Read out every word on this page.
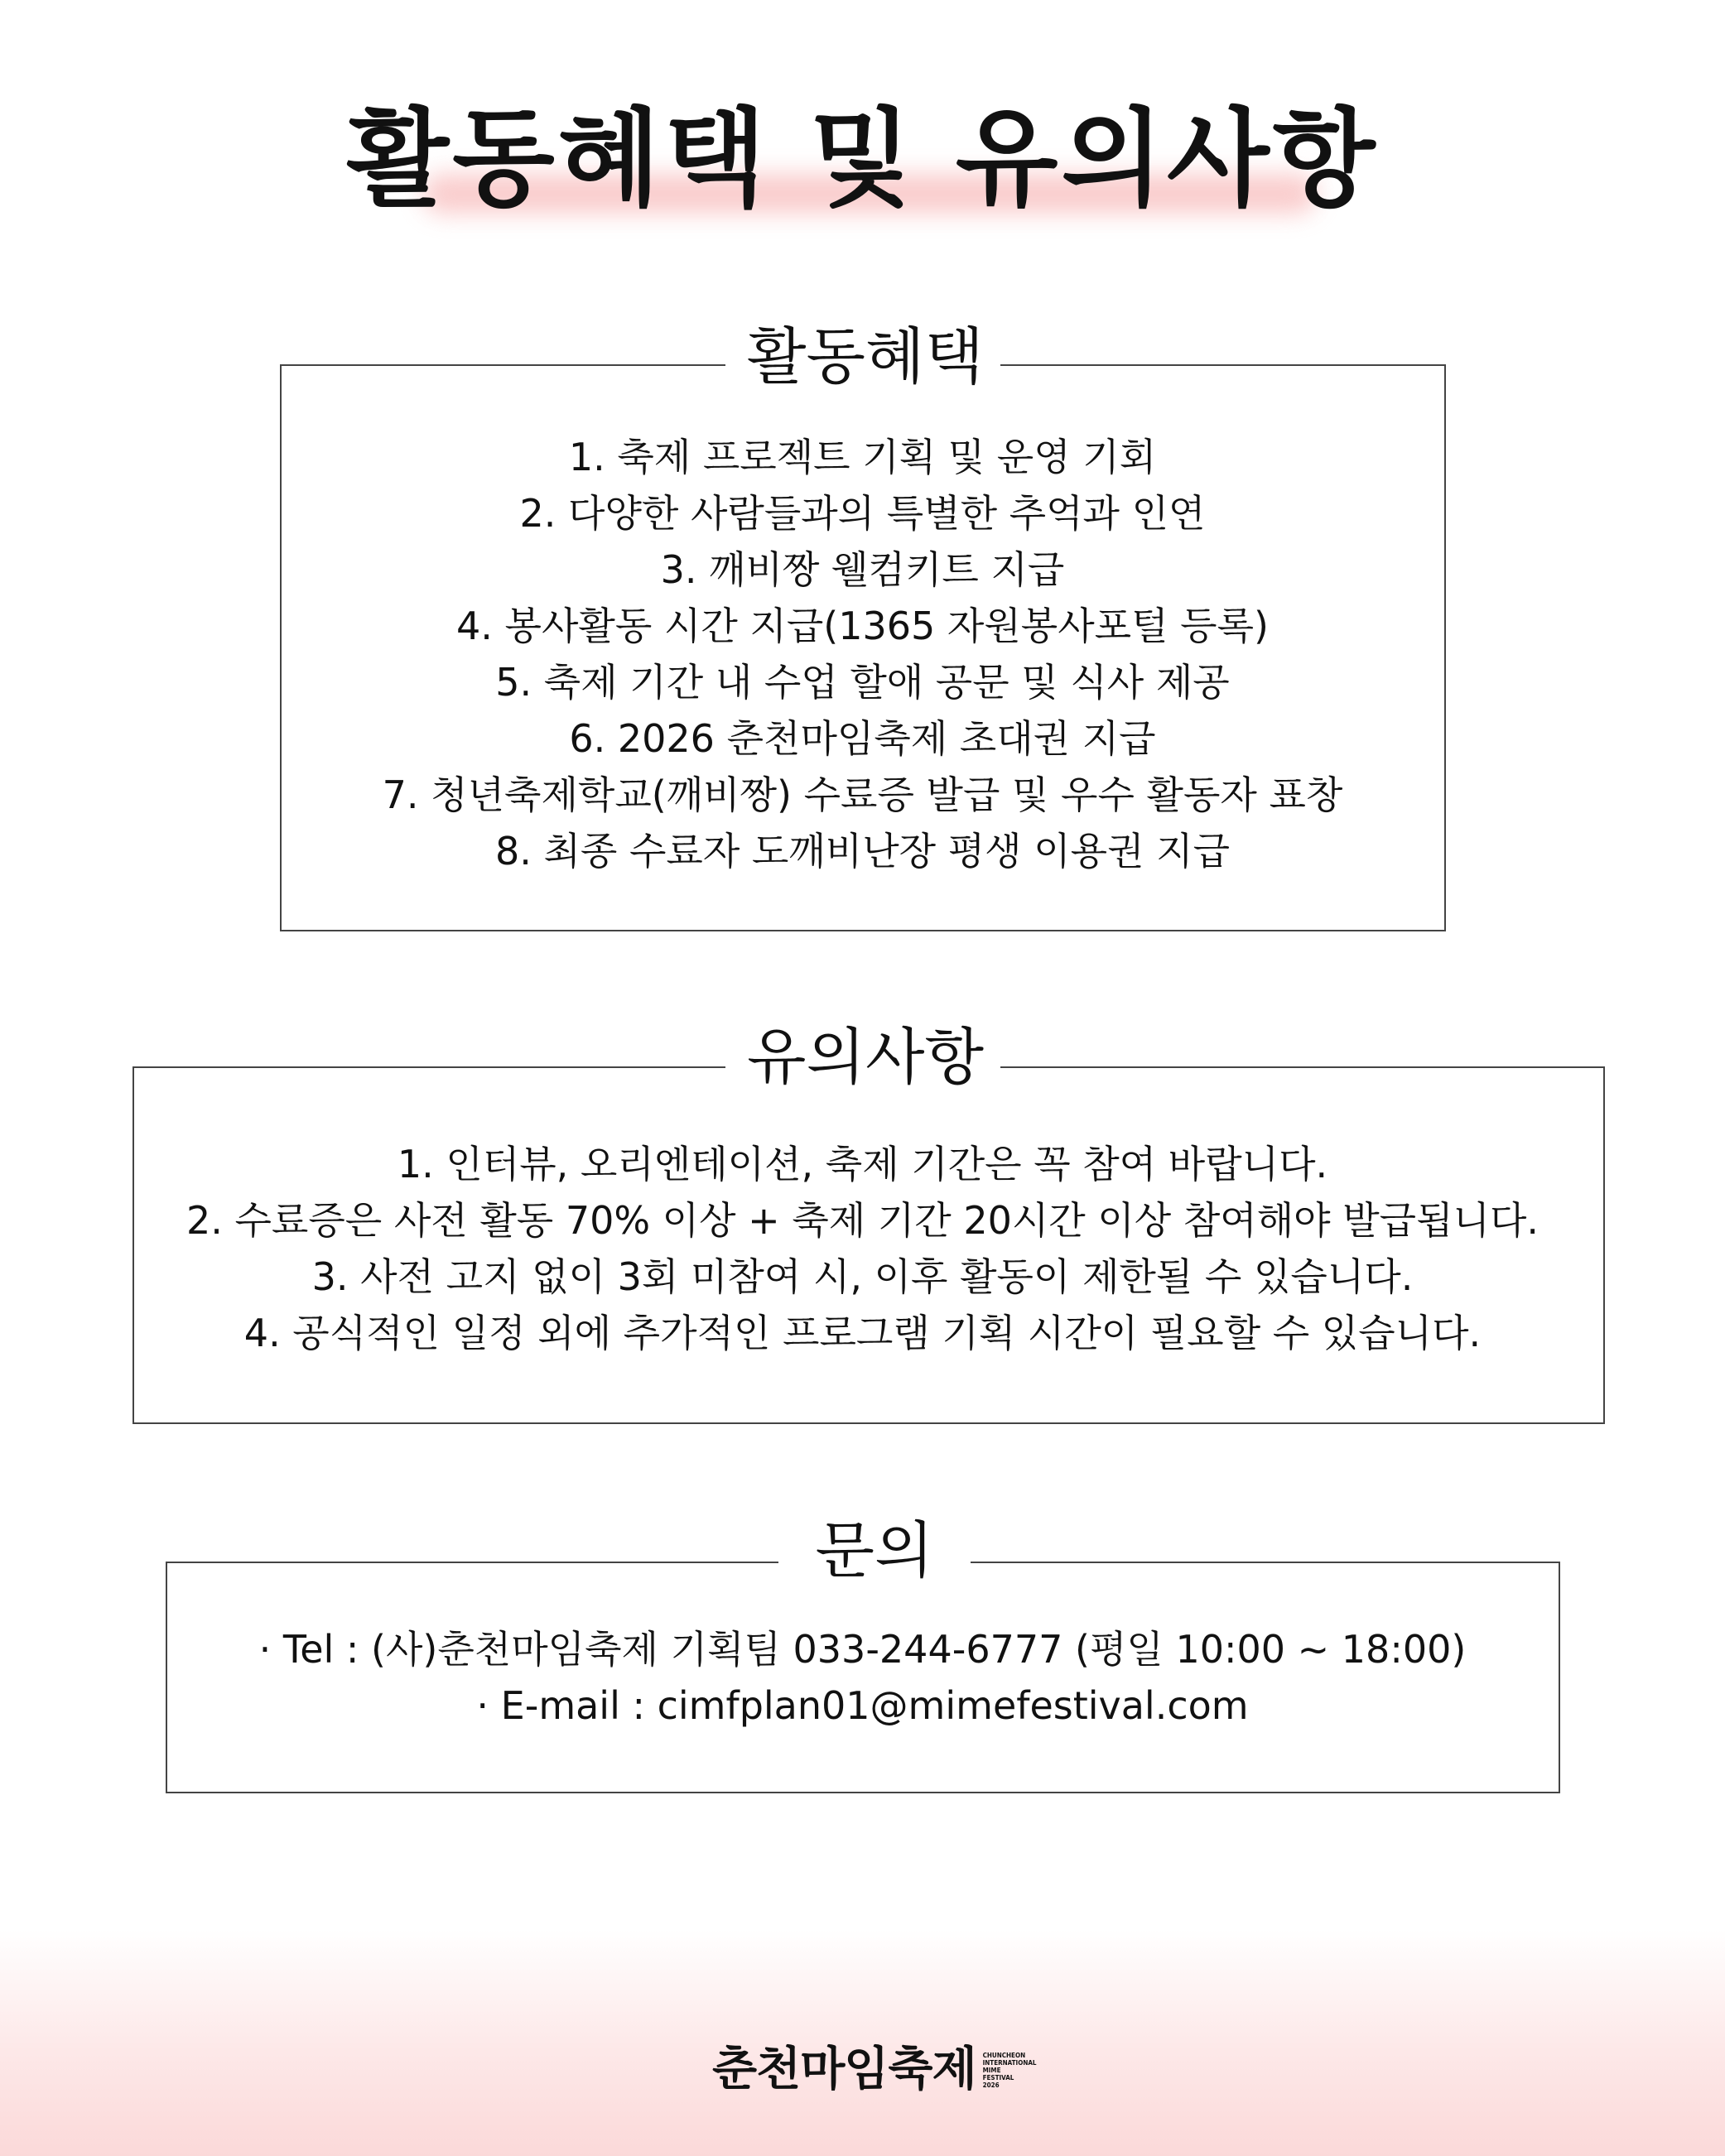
활동혜택 및 유의사항
활동혜택
1. 축제 프로젝트 기획 및 운영 기회
2. 다양한 사람들과의 특별한 추억과 인연
3. 깨비짱 웰컴키트 지급
4. 봉사활동 시간 지급(1365 자원봉사포털 등록)
5. 축제 기간 내 수업 할애 공문 및 식사 제공
6. 2026 춘천마임축제 초대권 지급
7. 청년축제학교(깨비짱) 수료증 발급 및 우수 활동자 표창
8. 최종 수료자 도깨비난장 평생 이용권 지급
유의사항
1. 인터뷰, 오리엔테이션, 축제 기간은 꼭 참여 바랍니다.
2. 수료증은 사전 활동 70% 이상 + 축제 기간 20시간 이상 참여해야 발급됩니다.
3. 사전 고지 없이 3회 미참여 시, 이후 활동이 제한될 수 있습니다.
4. 공식적인 일정 외에 추가적인 프로그램 기획 시간이 필요할 수 있습니다.
문의
· Tel : (사)춘천마임축제 기획팀 033-244-6777 (평일 10:00 ~ 18:00)
· E-mail : cimfplan01@mimefestival.com
춘천마임축제 CHUNCHEON
INTERNATIONAL
MIME
FESTIVAL
2026
